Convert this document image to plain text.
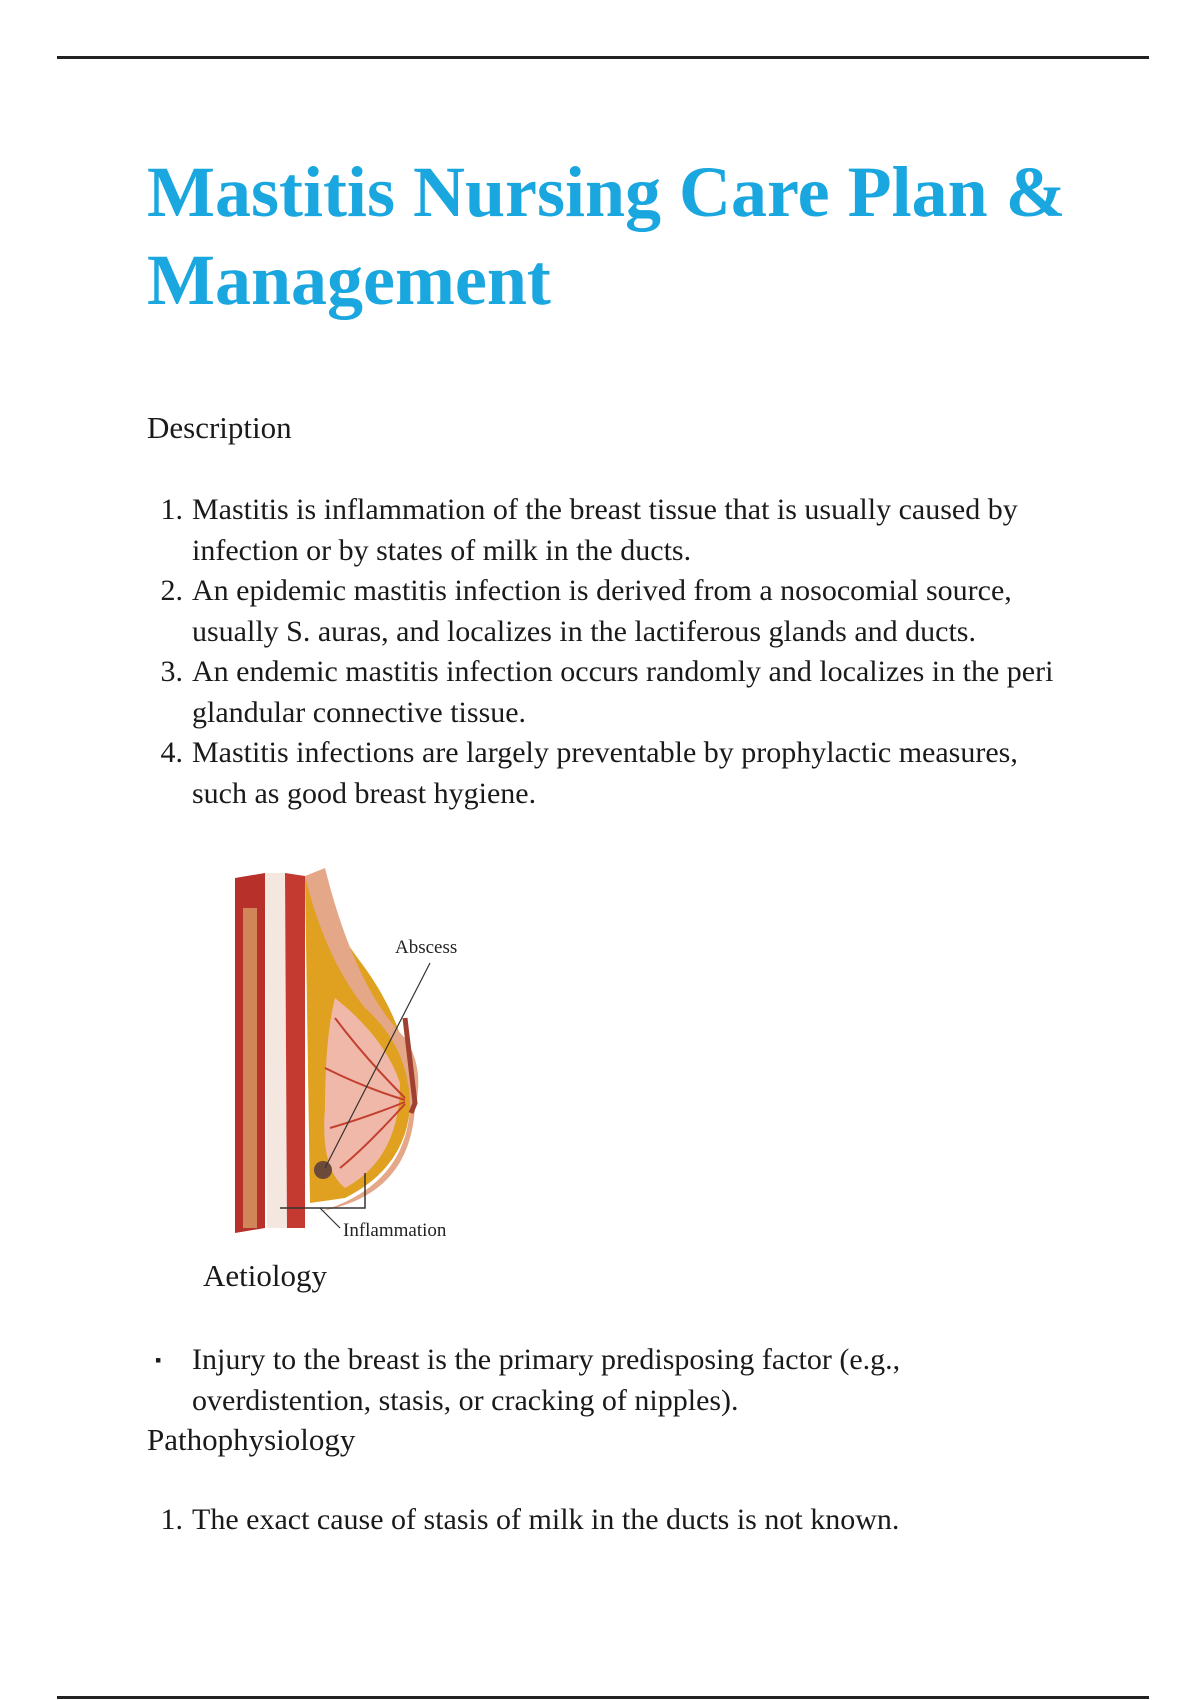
Mastitis Nursing Care Plan & Management
Description
1. Mastitis is inflammation of the breast tissue that is usually caused by infection or by states of milk in the ducts.
2. An epidemic mastitis infection is derived from a nosocomial source, usually S. auras, and localizes in the lactiferous glands and ducts.
3. An endemic mastitis infection occurs randomly and localizes in the peri glandular connective tissue.
4. Mastitis infections are largely preventable by prophylactic measures, such as good breast hygiene.
Abscess
Inflammation
Aetiology
▪ Injury to the breast is the primary predisposing factor (e.g., overdistention, stasis, or cracking of nipples).
Pathophysiology
1. The exact cause of stasis of milk in the ducts is not known.
